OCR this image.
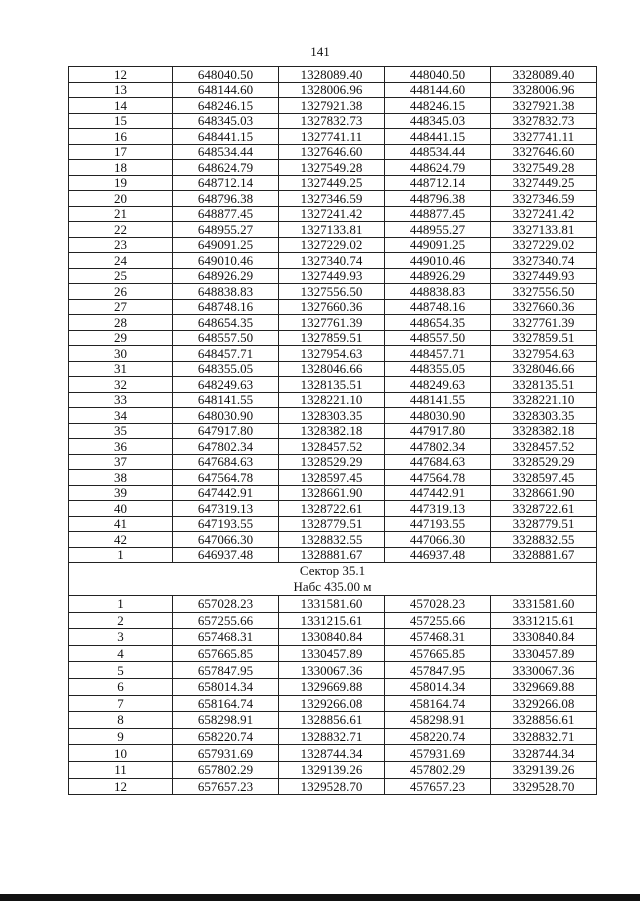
141
12	648040.50	1328089.40	448040.50	3328089.40
13	648144.60	1328006.96	448144.60	3328006.96
14	648246.15	1327921.38	448246.15	3327921.38
15	648345.03	1327832.73	448345.03	3327832.73
16	648441.15	1327741.11	448441.15	3327741.11
17	648534.44	1327646.60	448534.44	3327646.60
18	648624.79	1327549.28	448624.79	3327549.28
19	648712.14	1327449.25	448712.14	3327449.25
20	648796.38	1327346.59	448796.38	3327346.59
21	648877.45	1327241.42	448877.45	3327241.42
22	648955.27	1327133.81	448955.27	3327133.81
23	649091.25	1327229.02	449091.25	3327229.02
24	649010.46	1327340.74	449010.46	3327340.74
25	648926.29	1327449.93	448926.29	3327449.93
26	648838.83	1327556.50	448838.83	3327556.50
27	648748.16	1327660.36	448748.16	3327660.36
28	648654.35	1327761.39	448654.35	3327761.39
29	648557.50	1327859.51	448557.50	3327859.51
30	648457.71	1327954.63	448457.71	3327954.63
31	648355.05	1328046.66	448355.05	3328046.66
32	648249.63	1328135.51	448249.63	3328135.51
33	648141.55	1328221.10	448141.55	3328221.10
34	648030.90	1328303.35	448030.90	3328303.35
35	647917.80	1328382.18	447917.80	3328382.18
36	647802.34	1328457.52	447802.34	3328457.52
37	647684.63	1328529.29	447684.63	3328529.29
38	647564.78	1328597.45	447564.78	3328597.45
39	647442.91	1328661.90	447442.91	3328661.90
40	647319.13	1328722.61	447319.13	3328722.61
41	647193.55	1328779.51	447193.55	3328779.51
42	647066.30	1328832.55	447066.30	3328832.55
1	646937.48	1328881.67	446937.48	3328881.67

Сектор 35.1
Набс 435.00 м				

1	657028.23	1331581.60	457028.23	3331581.60
2	657255.66	1331215.61	457255.66	3331215.61
3	657468.31	1330840.84	457468.31	3330840.84
4	657665.85	1330457.89	457665.85	3330457.89
5	657847.95	1330067.36	457847.95	3330067.36
6	658014.34	1329669.88	458014.34	3329669.88
7	658164.74	1329266.08	458164.74	3329266.08
8	658298.91	1328856.61	458298.91	3328856.61
9	658220.74	1328832.71	458220.74	3328832.71
10	657931.69	1328744.34	457931.69	3328744.34
11	657802.29	1329139.26	457802.29	3329139.26
12	657657.23	1329528.70	457657.23	3329528.70
